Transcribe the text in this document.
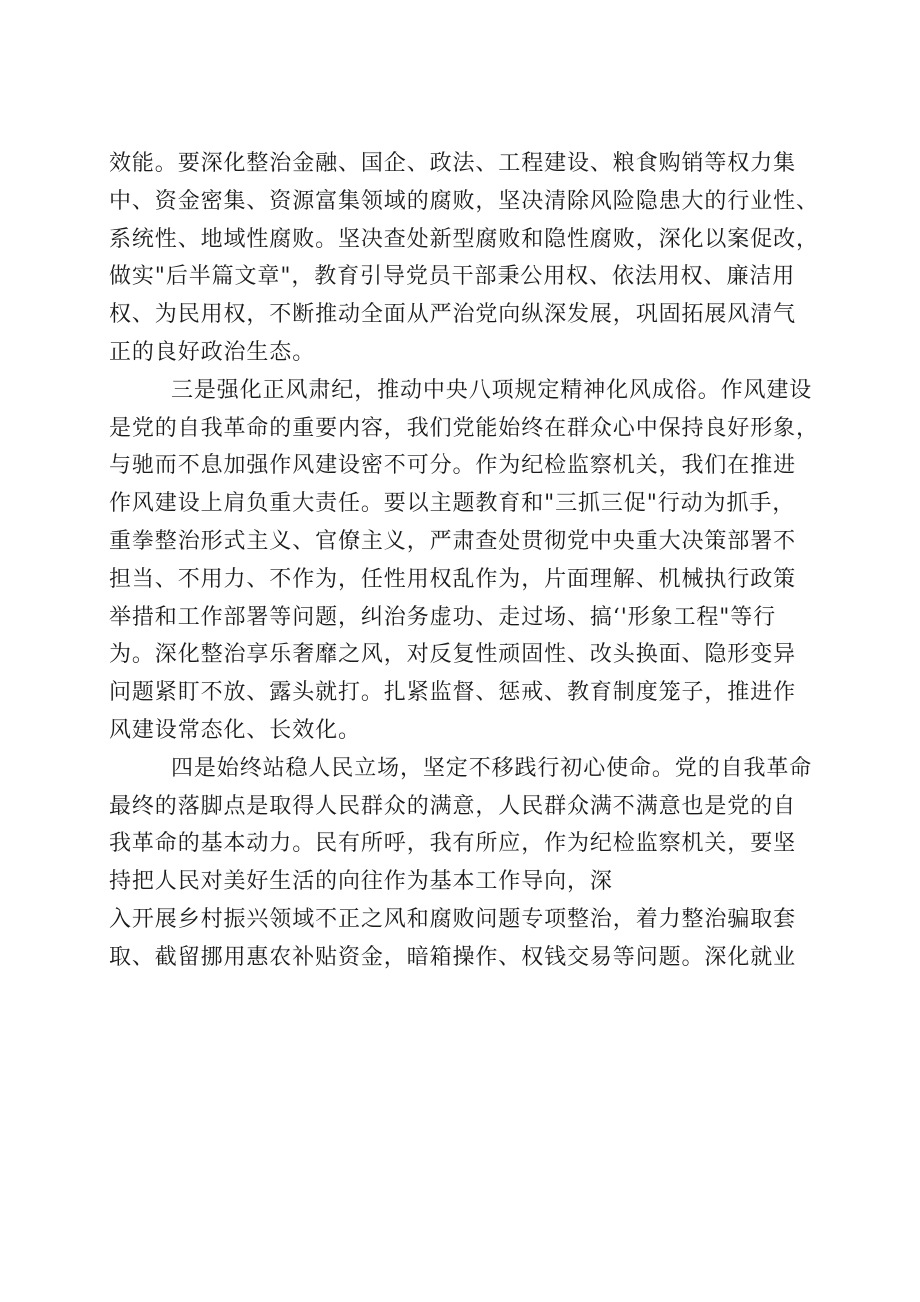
效能。要深化整治金融、国企、政法、工程建设、粮食购销等权力集
中、资金密集、资源富集领域的腐败，坚决清除风险隐患大的行业性、
系统性、地域性腐败。坚决查处新型腐败和隐性腐败，深化以案促改，
做实"后半篇文章"，教育引导党员干部秉公用权、依法用权、廉洁用
权、为民用权，不断推动全面从严治党向纵深发展，巩固拓展风清气
正的良好政治生态。
三是强化正风肃纪，推动中央八项规定精神化风成俗。作风建设
是党的自我革命的重要内容，我们党能始终在群众心中保持良好形象，
与驰而不息加强作风建设密不可分。作为纪检监察机关，我们在推进
作风建设上肩负重大责任。要以主题教育和"三抓三促"行动为抓手，
重拳整治形式主义、官僚主义，严肃查处贯彻党中央重大决策部署不
担当、不用力、不作为，任性用权乱作为，片面理解、机械执行政策
举措和工作部署等问题，纠治务虚功、走过场、搞‘'形象工程"等行
为。深化整治享乐奢靡之风，对反复性顽固性、改头换面、隐形变异
问题紧盯不放、露头就打。扎紧监督、惩戒、教育制度笼子，推进作
风建设常态化、长效化。
四是始终站稳人民立场，坚定不移践行初心使命。党的自我革命
最终的落脚点是取得人民群众的满意，人民群众满不满意也是党的自
我革命的基本动力。民有所呼，我有所应，作为纪检监察机关，要坚
持把人民对美好生活的向往作为基本工作导向，深
入开展乡村振兴领域不正之风和腐败问题专项整治，着力整治骗取套
取、截留挪用惠农补贴资金，暗箱操作、权钱交易等问题。深化就业
